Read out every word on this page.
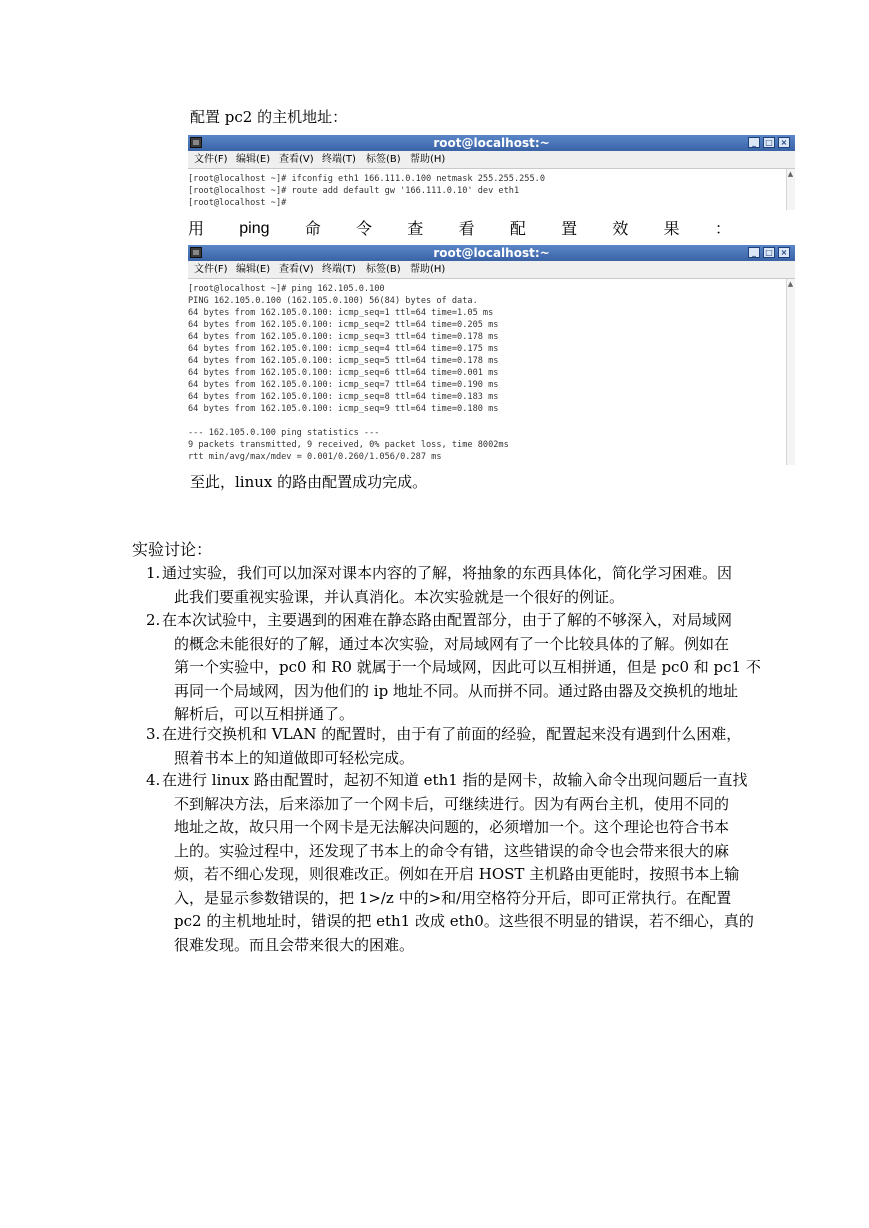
配置 pc2 的主机地址：
root@localhost:~	_	□ ×
文件(F) 编辑(E) 查看(V) 终端(T) 标签(B) 帮助(H)
[root@localhost ~]# ifconfig eth1 166.111.0.100 netmask 255.255.255.0
[root@localhost ~]# route add default gw '166.111.0.10' dev eth1
[root@localhost ~]#
▲
用 ping 命 令 查 看 配 置 效 果 ：
root@localhost:~	_	□ ×
文件(F) 编辑(E) 查看(V) 终端(T) 标签(B) 帮助(H)
[root@localhost ~]# ping 162.105.0.100
PING 162.105.0.100 (162.105.0.100) 56(84) bytes of data.
64 bytes from 162.105.0.100: icmp_seq=1 ttl=64 time=1.05 ms
64 bytes from 162.105.0.100: icmp_seq=2 ttl=64 time=0.205 ms
64 bytes from 162.105.0.100: icmp_seq=3 ttl=64 time=0.178 ms
64 bytes from 162.105.0.100: icmp_seq=4 ttl=64 time=0.175 ms
64 bytes from 162.105.0.100: icmp_seq=5 ttl=64 time=0.178 ms
64 bytes from 162.105.0.100: icmp_seq=6 ttl=64 time=0.001 ms
64 bytes from 162.105.0.100: icmp_seq=7 ttl=64 time=0.190 ms
64 bytes from 162.105.0.100: icmp_seq=8 ttl=64 time=0.183 ms
64 bytes from 162.105.0.100: icmp_seq=9 ttl=64 time=0.180 ms
--- 162.105.0.100 ping statistics ---
9 packets transmitted, 9 received, 0% packet loss, time 8002ms
rtt min/avg/max/mdev = 0.001/0.260/1.056/0.287 ms
▲
至此，linux 的路由配置成功完成。
实验讨论：
1. 通过实验，我们可以加深对课本内容的了解，将抽象的东西具体化，简化学习困难。因
此我们要重视实验课，并认真消化。本次实验就是一个很好的例证。
2. 在本次试验中，主要遇到的困难在静态路由配置部分，由于了解的不够深入，对局域网
的概念未能很好的了解，通过本次实验，对局域网有了一个比较具体的了解。例如在
第一个实验中，pc0 和 R0 就属于一个局域网，因此可以互相拼通，但是 pc0 和 pc1 不
再同一个局域网，因为他们的 ip 地址不同。从而拼不同。通过路由器及交换机的地址
解析后，可以互相拼通了。
3. 在进行交换机和 VLAN 的配置时，由于有了前面的经验，配置起来没有遇到什么困难，
照着书本上的知道做即可轻松完成。
4. 在进行 linux 路由配置时，起初不知道 eth1 指的是网卡，故输入命令出现问题后一直找
不到解决方法，后来添加了一个网卡后，可继续进行。因为有两台主机，使用不同的
地址之故，故只用一个网卡是无法解决问题的，必须增加一个。这个理论也符合书本
上的。实验过程中，还发现了书本上的命令有错，这些错误的命令也会带来很大的麻
烦，若不细心发现，则很难改正。例如在开启 HOST 主机路由更能时，按照书本上输
入，是显示参数错误的，把 1>/z 中的>和/用空格符分开后，即可正常执行。在配置
pc2 的主机地址时，错误的把 eth1 改成 eth0。这些很不明显的错误，若不细心，真的
很难发现。而且会带来很大的困难。
